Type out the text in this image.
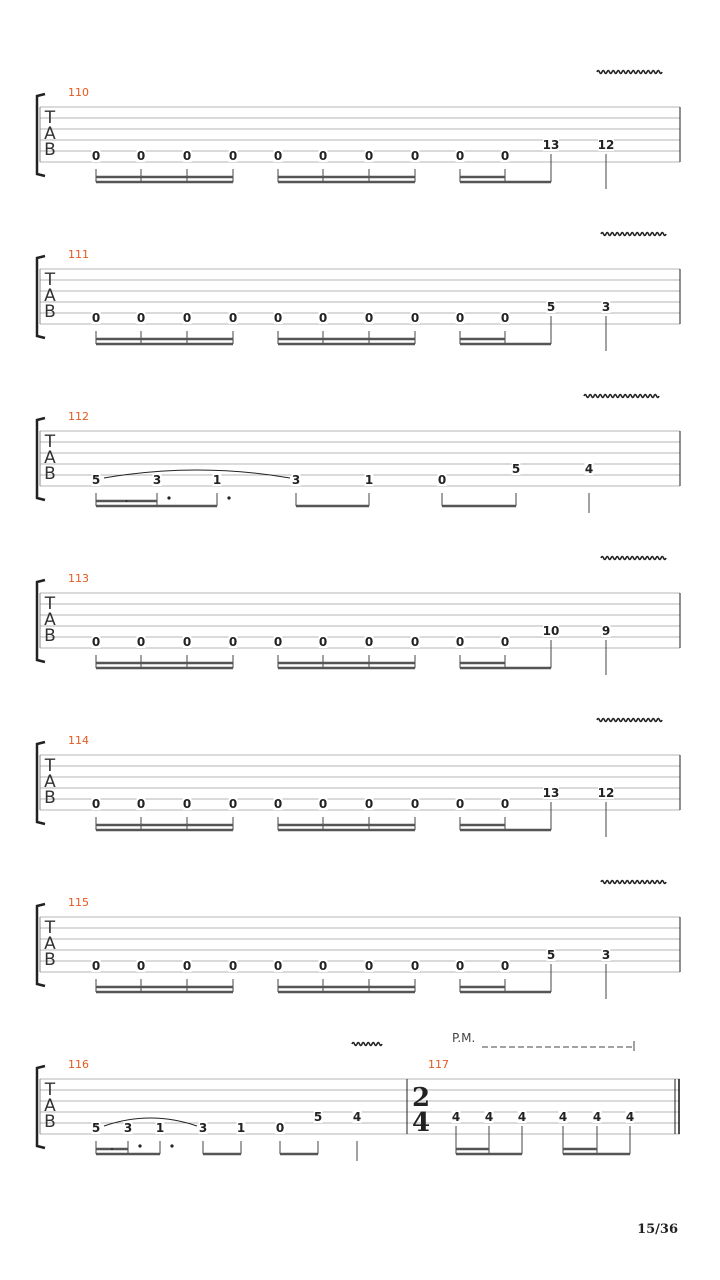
T
A
B
110
0	0	0	0	0	0	0	0	0	0
13	12
T
A
B
111
0	0	0	0	0	0	0	0	0	0
5	3
T
A
B
112
5	3	1	3	1	0
5	4
T
A
B
113
0	0	0	0	0	0	0	0	0	0
10	9
T
A
B
114
0	0	0	0	0	0	0	0	0	0
13	12
T
A
B
115
0	0	0	0	0	0	0	0	0	0
5	3
T
A
B
116
5 3 1	3 1	0
5	4
117
2
4 4 4 4	4 4 4
P.M.
15/36
